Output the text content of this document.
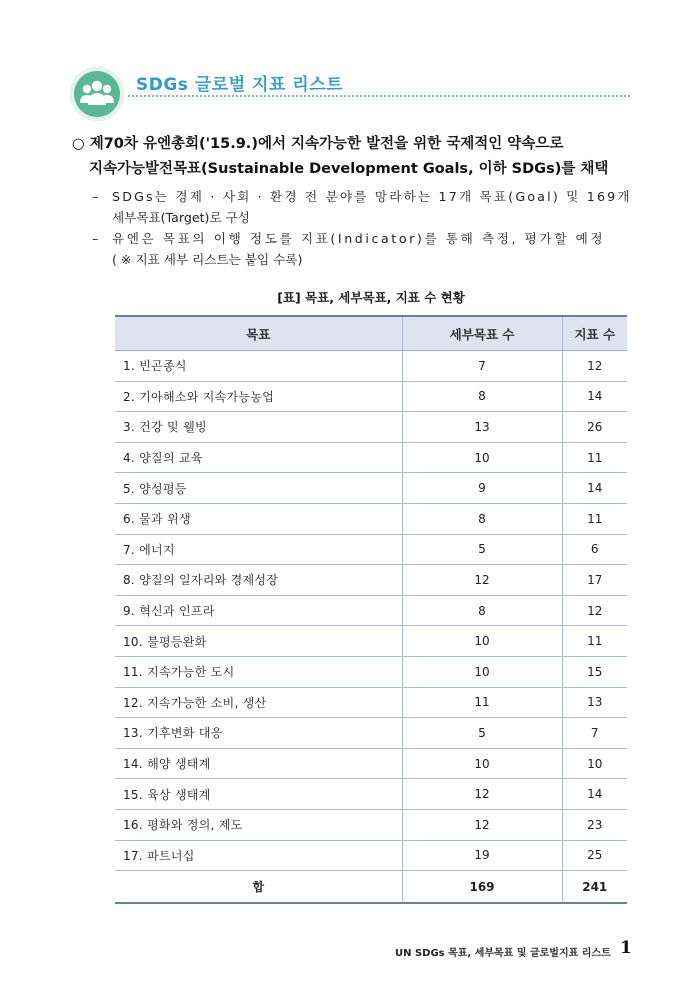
SDGs 글로벌 지표 리스트
○ 제70차 유엔총회('15.9.)에서 지속가능한 발전을 위한 국제적인 약속으로
지속가능발전목표(Sustainable Development Goals, 이하 SDGs)를 채택
–	SDGs는 경제 · 사회 · 환경 전 분야를 망라하는 17개 목표(Goal) 및 169개
세부목표(Target)로 구성
–	유엔은 목표의 이행 정도를 지표(Indicator)를 통해 측정, 평가할 예정
( ※ 지표 세부 리스트는 붙임 수록)
[표] 목표, 세부목표, 지표 수 현황
목표	세부목표 수	지표 수
1. 빈곤종식	7	12
2. 기아해소와 지속가능농업	8	14
3. 건강 및 웰빙	13	26
4. 양질의 교육	10	11
5. 양성평등	9	14
6. 물과 위생	8	11
7. 에너지	5	6
8. 양질의 일자리와 경제성장	12	17
9. 혁신과 인프라	8	12
10. 불평등완화	10	11
11. 지속가능한 도시	10	15
12. 지속가능한 소비, 생산	11	13
13. 기후변화 대응	5	7
14. 해양 생태계	10	10
15. 육상 생태계	12	14
16. 평화와 정의, 제도	12	23
17. 파트너십	19	25
합	169	241
UN SDGs 목표, 세부목표 및 글로벌지표 리스트 1
